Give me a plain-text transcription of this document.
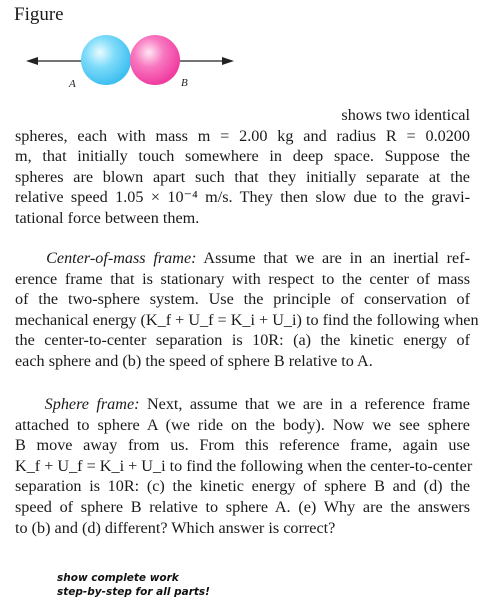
Figure
A	B
shows two identical
spheres, each with mass m = 2.00 kg and radius R = 0.0200
m, that initially touch somewhere in deep space. Suppose the
spheres are blown apart such that they initially separate at the
relative speed 1.05 × 10⁻⁴ m/s. They then slow due to the gravi-
tational force between them.
Center-of-mass frame: Assume that we are in an inertial ref-
erence frame that is stationary with respect to the center of mass
of the two-sphere system. Use the principle of conservation of
mechanical energy (K_f + U_f = K_i + U_i) to find the following when
the center-to-center separation is 10R: (a) the kinetic energy of
each sphere and (b) the speed of sphere B relative to A.
Sphere frame: Next, assume that we are in a reference frame
attached to sphere A (we ride on the body). Now we see sphere
B move away from us. From this reference frame, again use
K_f + U_f = K_i + U_i to find the following when the center-to-center
separation is 10R: (c) the kinetic energy of sphere B and (d) the
speed of sphere B relative to sphere A. (e) Why are the answers
to (b) and (d) different? Which answer is correct?
show complete work
step-by-step for all parts!
